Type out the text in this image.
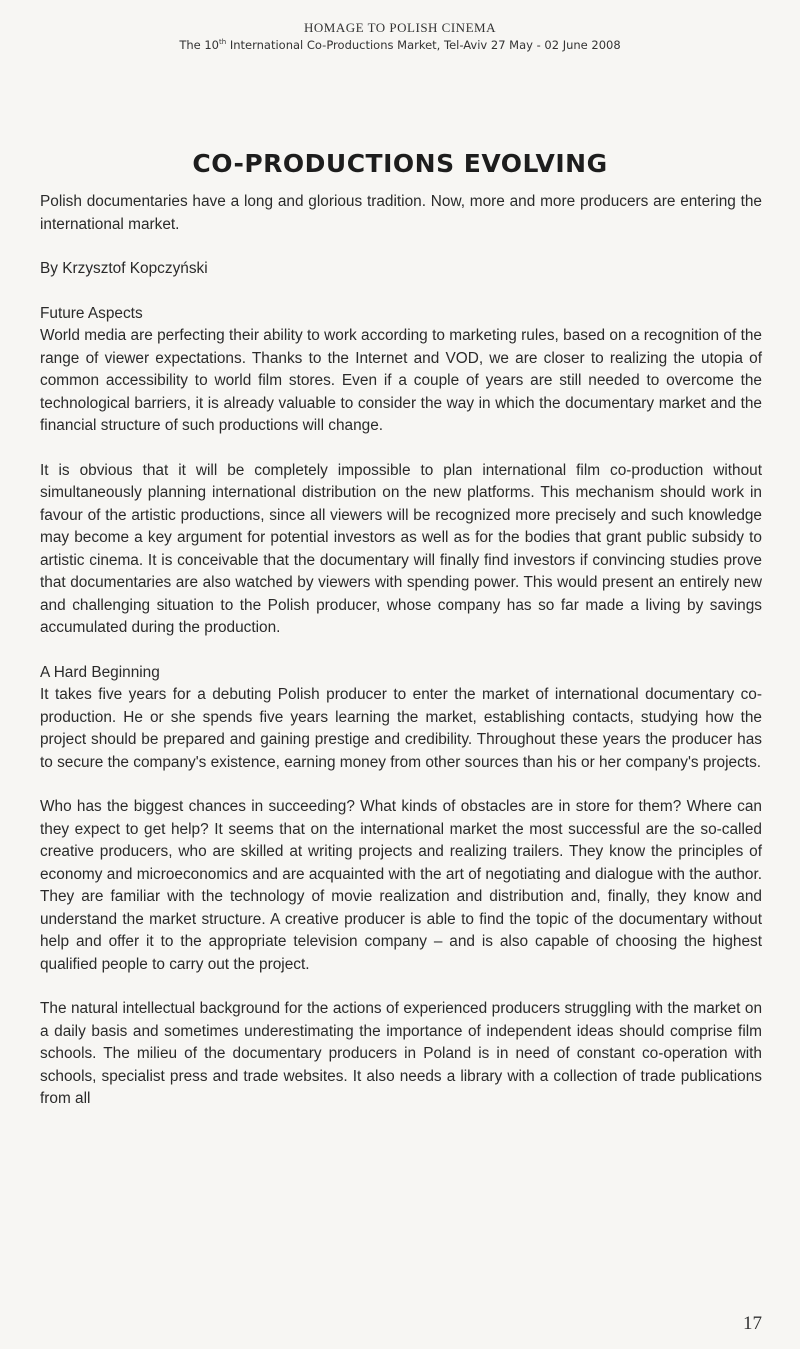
HOMAGE TO POLISH CINEMA
The 10th International Co-Productions Market, Tel-Aviv 27 May - 02 June 2008
CO-PRODUCTIONS EVOLVING

Polish documentaries have a long and glorious tradition. Now, more and more producers are entering the international market.

By Krzysztof Kopczyński

Future Aspects

World media are perfecting their ability to work according to marketing rules, based on a recognition of the range of viewer expectations. Thanks to the Internet and VOD, we are closer to realizing the utopia of common accessibility to world film stores. Even if a couple of years are still needed to overcome the technological barriers, it is already valuable to consider the way in which the documentary market and the financial structure of such productions will change.

It is obvious that it will be completely impossible to plan international film co-production without simultaneously planning international distribution on the new platforms. This mechanism should work in favour of the artistic productions, since all viewers will be recognized more precisely and such knowledge may become a key argument for potential investors as well as for the bodies that grant public subsidy to artistic cinema. It is conceivable that the documentary will finally find investors if convincing studies prove that documentaries are also watched by viewers with spending power. This would present an entirely new and challenging situation to the Polish producer, whose company has so far made a living by savings accumulated during the production.

A Hard Beginning

It takes five years for a debuting Polish producer to enter the market of international documentary co-production. He or she spends five years learning the market, establishing contacts, studying how the project should be prepared and gaining prestige and credibility. Throughout these years the producer has to secure the company's existence, earning money from other sources than his or her company's projects.

Who has the biggest chances in succeeding? What kinds of obstacles are in store for them? Where can they expect to get help? It seems that on the international market the most successful are the so-called creative producers, who are skilled at writing projects and realizing trailers. They know the principles of economy and microeconomics and are acquainted with the art of negotiating and dialogue with the author. They are familiar with the technology of movie realization and distribution and, finally, they know and understand the market structure. A creative producer is able to find the topic of the documentary without help and offer it to the appropriate television company – and is also capable of choosing the highest qualified people to carry out the project.

The natural intellectual background for the actions of experienced producers struggling with the market on a daily basis and sometimes underestimating the importance of independent ideas should comprise film schools. The milieu of the documentary producers in Poland is in need of constant co-operation with schools, specialist press and trade websites. It also needs a library with a collection of trade publications from all

17
